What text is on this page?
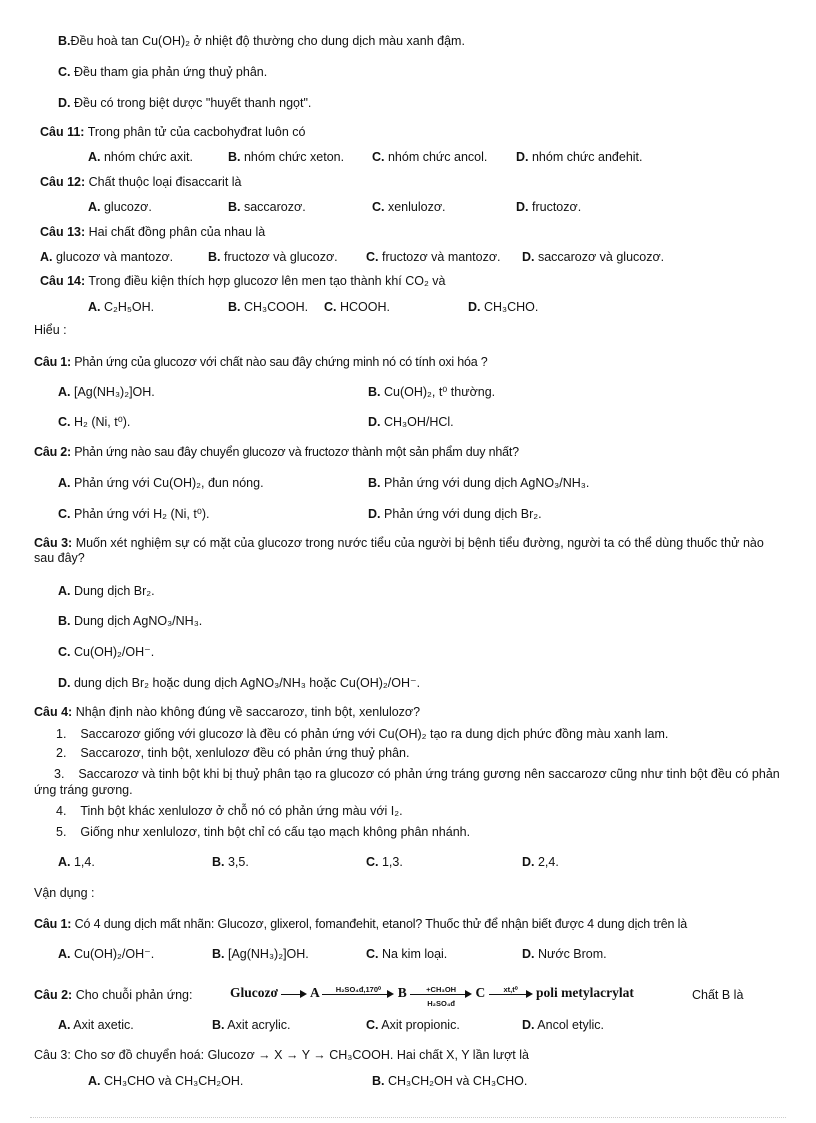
B.Đều hoà tan Cu(OH)₂ ở nhiệt độ thường cho dung dịch màu xanh đậm.
C. Đều tham gia phản ứng thuỷ phân.
D. Đều có trong biệt dược "huyết thanh ngọt".
Câu 11: Trong phân tử của cacbohyđrat luôn có
A. nhóm chức axit.	B. nhóm chức xeton. C. nhóm chức ancol. D. nhóm chức anđehit.
Câu 12: Chất thuộc loại đisaccarit là
A. glucozơ.	B. saccarozơ.	C. xenlulozơ.	D. fructozơ.
Câu 13: Hai chất đồng phân của nhau là
A. glucozơ và mantozơ.	B. fructozơ và glucozơ. C. fructozơ và mantozơ. D. saccarozơ và glucozơ.
Câu 14: Trong điều kiện thích hợp glucozơ lên men tạo thành khí CO₂ và
A. C₂H₅OH.	B. CH₃COOH. C. HCOOH.	D. CH₃CHO.
Hiểu :
Câu 1: Phản ứng của glucozơ với chất nào sau đây chứng minh nó có tính oxi hóa ?
A. [Ag(NH₃)₂]OH.	B. Cu(OH)₂, t⁰ thường.
C. H₂ (Ni, t⁰).	D. CH₃OH/HCl.
Câu 2: Phản ứng nào sau đây chuyển glucozơ và fructozơ thành một sản phẩm duy nhất?
A. Phản ứng với Cu(OH)₂, đun nóng.	B. Phản ứng với dung dịch AgNO₃/NH₃.
C. Phản ứng với H₂ (Ni, t⁰).	D. Phản ứng với dung dịch Br₂.
Câu 3: Muốn xét nghiệm sự có mặt của glucozơ trong nước tiểu của người bị bệnh tiểu đường, người ta có thể dùng thuốc thử nào sau đây?
A. Dung dịch Br₂.
B. Dung dịch AgNO₃/NH₃.
C. Cu(OH)₂/OH⁻.
D. dung dịch Br₂ hoặc dung dịch AgNO₃/NH₃ hoặc Cu(OH)₂/OH⁻.
Câu 4: Nhận định nào không đúng về saccarozơ, tinh bột, xenlulozơ?
1. Saccarozơ giống với glucozơ là đều có phản ứng với Cu(OH)₂ tạo ra dung dịch phức đồng màu xanh lam.
2. Saccarozơ, tinh bột, xenlulozơ đều có phản ứng thuỷ phân.
3. Saccarozơ và tinh bột khi bị thuỷ phân tạo ra glucozơ có phản ứng tráng gương nên saccarozơ cũng như tinh bột đều có phản ứng tráng gương.
4. Tinh bột khác xenlulozơ ở chỗ nó có phản ứng màu với I₂.
5. Giống như xenlulozơ, tinh bột chỉ có cấu tạo mạch không phân nhánh.
A. 1,4.	B. 3,5.	C. 1,3.	D. 2,4.
Vận dụng :
Câu 1: Có 4 dung dịch mất nhãn: Glucozơ, glixerol, fomanđehit, etanol? Thuốc thử để nhận biết được 4 dung dịch trên là
A. Cu(OH)₂/OH⁻.	B. [Ag(NH₃)₂]OH.	C. Na kim loại.	D. Nước Brom.
Câu 2: Cho chuỗi phản ứng:	Glucozơ A	H₂SO₄đ,170⁰	B $\frac{\text{+CH₃OH}}{\text{H₂SO₄đ}}$ C	xt,t⁰	poli metylacrylat	Chất B là
A. Axit axetic.	B. Axit acrylic.	C. Axit propionic.	D. Ancol etylic.
Câu 3: Cho sơ đồ chuyển hoá: Glucozơ → X → Y → CH₃COOH. Hai chất X, Y lần lượt là
A. CH₃CHO và CH₃CH₂OH.	B. CH₃CH₂OH và CH₃CHO.
